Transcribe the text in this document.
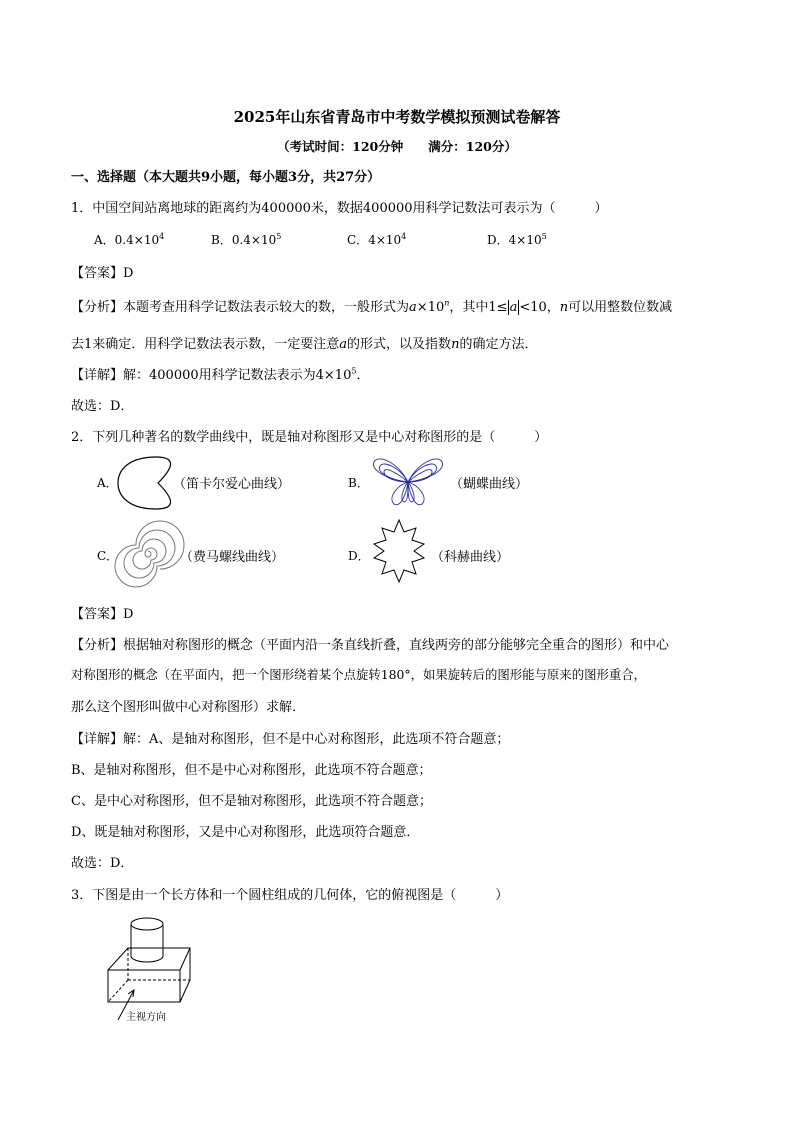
2025年山东省青岛市中考数学模拟预测试卷解答
（考试时间：120分钟　　满分：120分）
一、选择题（本大题共9小题，每小题3分，共27分）
1．中国空间站离地球的距离约为400000米，数据400000用科学记数法可表示为（　　　）
A．$0.4\times 10^4$	B．$0.4\times 10^5$	C．$4\times 10^4$	D．$4\times 10^5$
【答案】D
【分析】本题考查用科学记数法表示较大的数，一般形式为$a\times 10^n$，其中1≤ a <10，n可以用整数位数减
去1来确定．用科学记数法表示数，一定要注意a的形式，以及指数n的确定方法．
【详解】解：400000用科学记数法表示为$4\times 10^5$．
故选：D．
2．下列几种著名的数学曲线中，既是轴对称图形又是中心对称图形的是（　　　）
A．	（笛卡尔爱心曲线）	B．	（蝴蝶曲线）
C．	（费马螺线曲线）	D．	（科赫曲线）
【答案】D
【分析】根据轴对称图形的概念（平面内沿一条直线折叠，直线两旁的部分能够完全重合的图形）和中心
对称图形的概念（在平面内，把一个图形绕着某个点旋转180°，如果旋转后的图形能与原来的图形重合，
那么这个图形叫做中心对称图形）求解．
【详解】解：A、是轴对称图形，但不是中心对称图形，此选项不符合题意；
B、是轴对称图形，但不是中心对称图形，此选项不符合题意；
C、是中心对称图形，但不是轴对称图形，此选项不符合题意；
D、既是轴对称图形，又是中心对称图形，此选项符合题意．
故选：D．
3．下图是由一个长方体和一个圆柱组成的几何体，它的俯视图是（　　　）
主视方向
